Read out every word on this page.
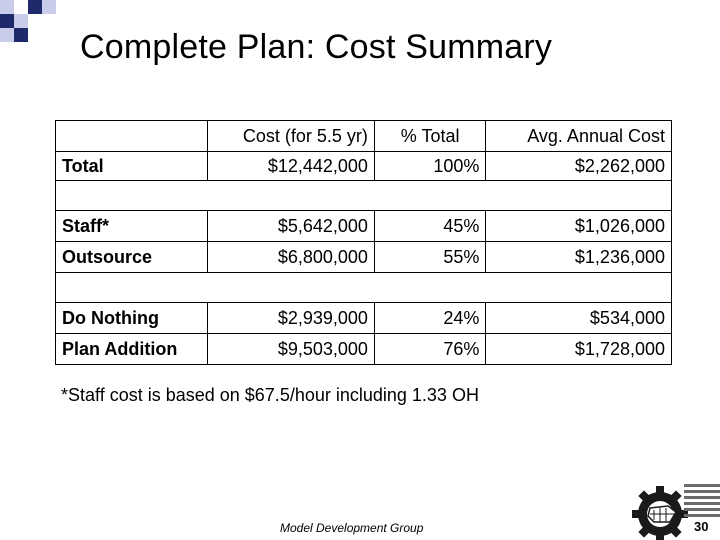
Complete Plan: Cost Summary
	Cost (for 5.5 yr)	% Total	Avg. Annual Cost
Total	$12,442,000	100%	$2,262,000

Staff*	$5,642,000	45%	$1,026,000
Outsource	$6,800,000	55%	$1,236,000

Do Nothing	$2,939,000	24%	$534,000
Plan Addition	$9,503,000	76%	$1,728,000
*Staff cost is based on $67.5/hour including 1.33 OH
Model Development Group	30
